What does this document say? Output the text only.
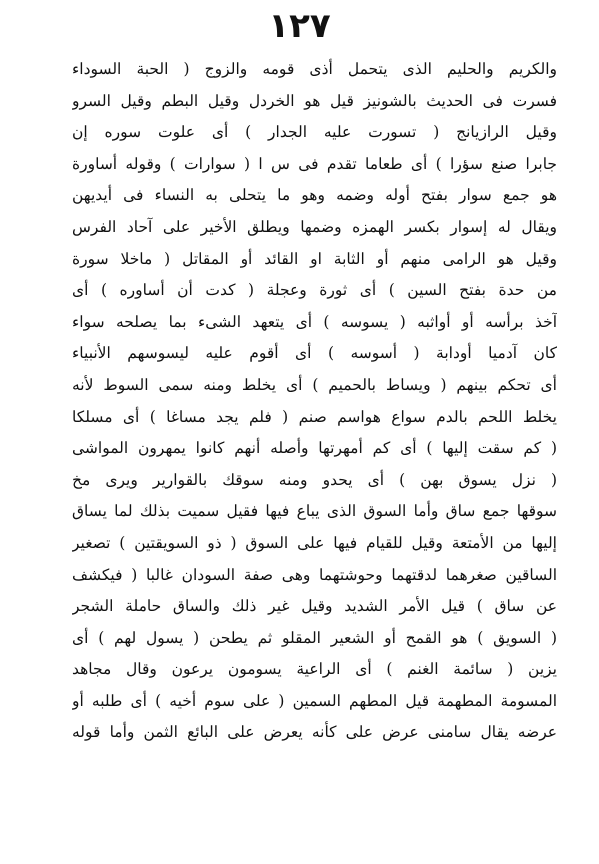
١٢٧
والكريم والحليم الذى يتحمل أذى قومه والزوج ( الحبة السوداء
فسرت فى الحديث بالشونيز قيل هو الخردل وقيل البطم وقيل السرو
وقيل الرازيانج ( تسورت عليه الجدار ) أى علوت سوره إن
جابرا صنع سؤرا ) أى طعاما تقدم فى س ا ( سوارات ) وقوله أساورة
هو جمع سوار بفتح أوله وضمه وهو ما يتحلى به النساء فى أيديهن
ويقال له إسوار بكسر الهمزه وضمها ويطلق الأخير على آحاد الفرس
وقيل هو الرامى منهم أو الثابة او القائد أو المقاتل ( ماخلا سورة
من حدة بفتح السين ) أى ثورة وعجلة ( كدت أن أساوره ) أى
آخذ برأسه أو أواثبه ( يسوسه ) أى يتعهد الشىء بما يصلحه سواء
كان آدميا أودابة ( أسوسه ) أى أقوم عليه ليسوسهم الأنبياء
أى تحكم بينهم ( ويساط بالحميم ) أى يخلط ومنه سمى السوط لأنه
يخلط اللحم بالدم سواع هواسم صنم ( فلم يجد مساغا ) أى مسلكا
( كم سقت إليها ) أى كم أمهرتها وأصله أنهم كانوا يمهرون المواشى
( نزل يسوق بهن ) أى يحدو ومنه سوقك بالقوارير ويرى مخ
سوقها جمع ساق وأما السوق الذى يباع فيها فقيل سميت بذلك لما يساق
إليها من الأمتعة وقيل للقيام فيها على السوق ( ذو السويقتين ) تصغير
الساقين صغرهما لدقتهما وحوشتهما وهى صفة السودان غالبا ( فيكشف
عن ساق ) قيل الأمر الشديد وقيل غير ذلك والساق حاملة الشجر
( السويق ) هو القمح أو الشعير المقلو ثم يطحن ( يسول لهم ) أى
يزين ( سائمة الغنم ) أى الراعية يسومون يرعون وقال مجاهد
المسومة المطهمة قيل المطهم السمين ( على سوم أخيه ) أى طلبه أو
عرضه يقال سامنى عرض على كأنه يعرض على البائع الثمن وأما قوله
